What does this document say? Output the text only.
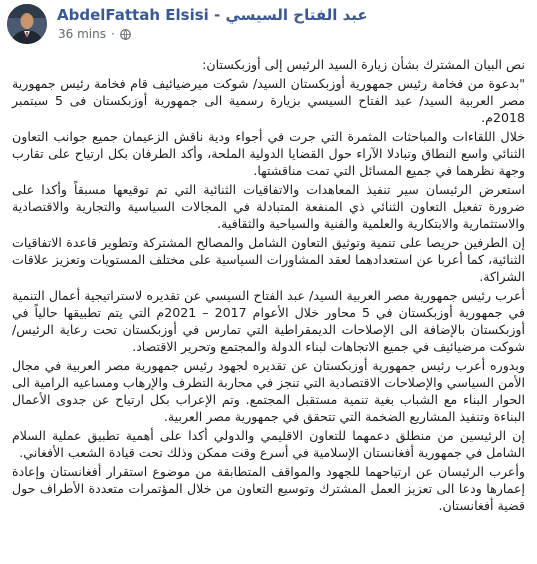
AbdelFattah Elsisi - عبد الفتاح السيسي
36 mins ·

نص البيان المشترك بشأن زيارة السيد الرئيس إلى أوزبكستان:

"بدعوة من فخامة رئيس جمهورية أوزبكستان السيد/ شوكت ميرضيائيف قام فخامة رئيس جمهورية مصر العربية السيد/ عبد الفتاح السيسي بزيارة رسمية الى جمهورية أوزبكستان فى 5 سبتمبر 2018م.

خلال اللقاءات والمباحثات المثمرة التي جرت في أجواء ودية ناقش الزعيمان جميع جوانب التعاون الثنائي واسع النطاق وتبادلا الآراء حول القضايا الدولية الملحة، وأكد الطرفان بكل ارتياح على تقارب وجهة نظرهما في جميع المسائل التي تمت مناقشتها.

استعرض الرئيسان سير تنفيذ المعاهدات والاتفاقيات الثنائية التي تم توقيعها مسبقاً وأكدا على ضرورة تفعيل التعاون الثنائي ذي المنفعة المتبادلة في المجالات السياسية والتجارية والاقتصادية والاستثمارية والابتكارية والعلمية والفنية والسياحية والثقافية.

إن الطرفين حريصا على تنمية وتوثيق التعاون الشامل والمصالح المشتركة وتطوير قاعدة الاتفاقيات الثنائية، كما أعربا عن استعدادهما لعقد المشاورات السياسية على مختلف المستويات وتعزيز علاقات الشراكة.

أعرب رئيس جمهورية مصر العربية السيد/ عبد الفتاح السيسي عن تقديره لاستراتيجية أعمال التنمية في جمهورية أوزبكستان في 5 محاور خلال الأعوام 2017 – 2021م التي يتم تطبيقها حالياً في أوزبكستان بالإضافة الى الإصلاحات الديمقراطية التي تمارس في أوزبكستان تحت رعاية الرئيس/ شوكت مرضيائيف في جميع الاتجاهات لبناء الدولة والمجتمع وتحرير الاقتصاد.

وبدوره أعرب رئيس جمهورية أوزبكستان عن تقديره لجهود رئيس جمهورية مصر العربية في مجال الأمن السياسي والإصلاحات الاقتصادية التي تنجز في محاربة التطرف والإرهاب ومساعيه الرامية الى الحوار البناء مع الشباب بغية تنمية مستقبل المجتمع. وتم الإعراب بكل ارتياح عن جدوى الأعمال البناءة وتنفيذ المشاريع الضخمة التي تتحقق في جمهورية مصر العربية.

إن الرئيسين من منطلق دعمهما للتعاون الاقليمي والدولي أكدا على أهمية تطبيق عملية السلام الشامل في جمهورية أفغانستان الإسلامية في أسرع وقت ممكن وذلك تحت قيادة الشعب الأفغاني.

وأعرب الرئيسان عن ارتياحهما للجهود والمواقف المتطابقة من موضوع استقرار أفغانستان وإعادة إعمارها ودعا الى تعزيز العمل المشترك وتوسيع التعاون من خلال المؤتمرات متعددة الأطراف حول قضية أفغانستان.
